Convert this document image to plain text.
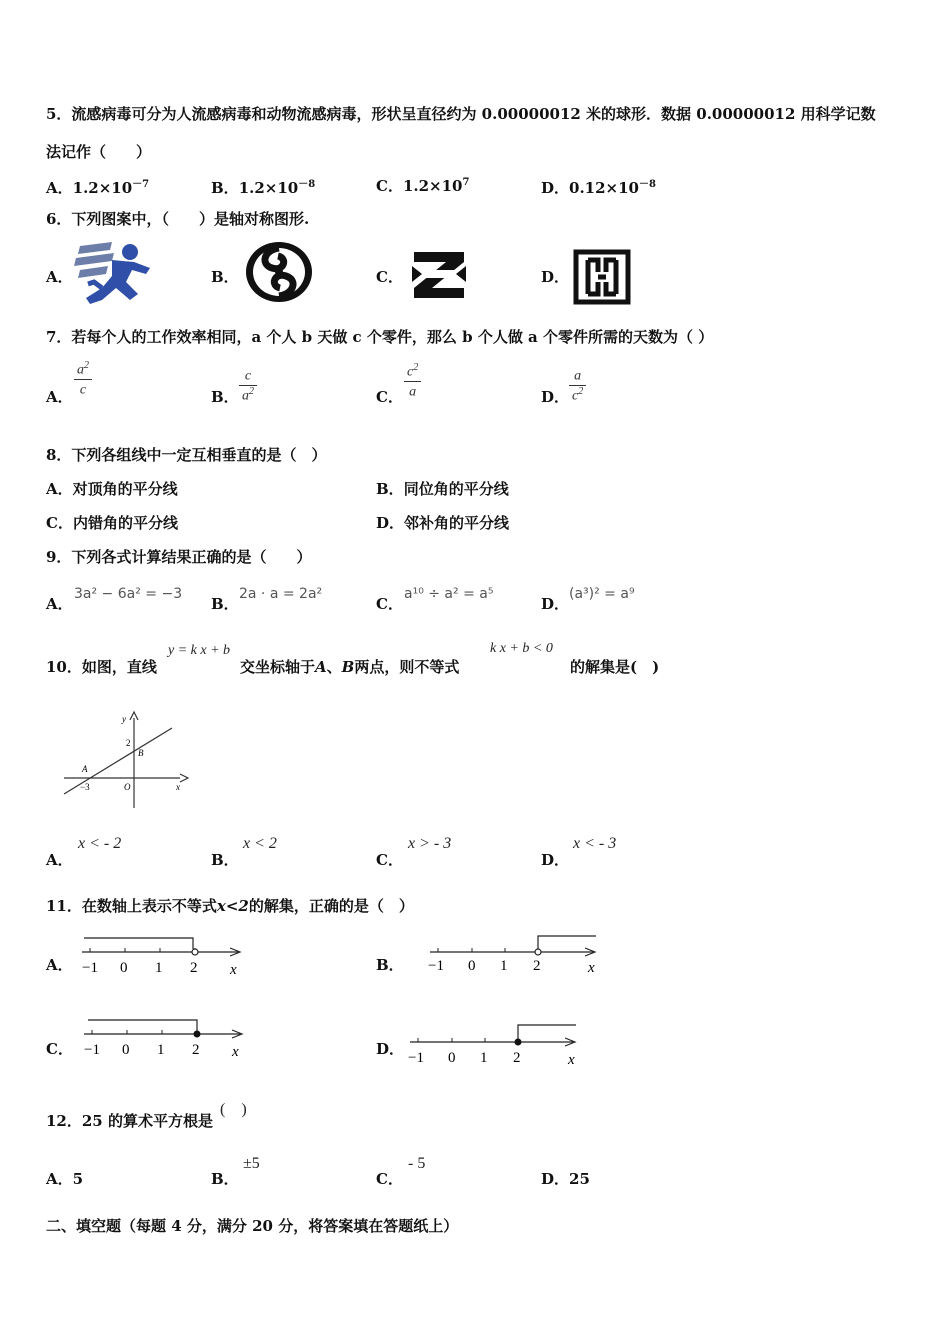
5．流感病毒可分为人流感病毒和动物流感病毒，形状呈直径约为 0.00000012 米的球形．数据 0.00000012 用科学记数
法记作（　　）
A．$1.2\times 10^{-7}$	B．$1.2\times 10^{-8}$	C．$1.2\times 10^7$	D．$0.12\times 10^{-8}$
6．下列图案中，（　　）是轴对称图形.
A．	B．	C．	D．
7．若每个人的工作效率相同，a 个人 b 天做 c 个零件，那么 b 个人做 a 个零件所需的天数为（ ）
A． $\frac{a^2}{c}$	B． $\frac{c}{a^2}$	C． $\frac{c^2}{a}$	D． $\frac{a}{c^2}$
8．下列各组线中一定互相垂直的是（　）
A．对顶角的平分线	B．同位角的平分线
C．内错角的平分线	D．邻补角的平分线
9．下列各式计算结果正确的是（　　）
A．
3a² − 6a² = −3
B．
2a · a = 2a²
C．
a¹⁰ ÷ a² = a⁵
D．
(a³)² = a⁹
10．如图，直线
y = k x + b
交坐标轴于A、B两点，则不等式
k x + b < 0
的解集是(　)
y
x
2
B
A
−3	O
A．
x < - 2
B．
x < 2
C．
x > - 3
D．
x < - 3
11．在数轴上表示不等式x<2的解集，正确的是（　）
A． −1 0 1 2 x	B． −1 0 1 2	x
C． −1 0 1 2 x	D． −1 0 1 2	x
12．25 的算术平方根是
(　)
A．5	B．
±5
C．
- 5
D．25
二、填空题（每题 4 分，满分 20 分，将答案填在答题纸上）
